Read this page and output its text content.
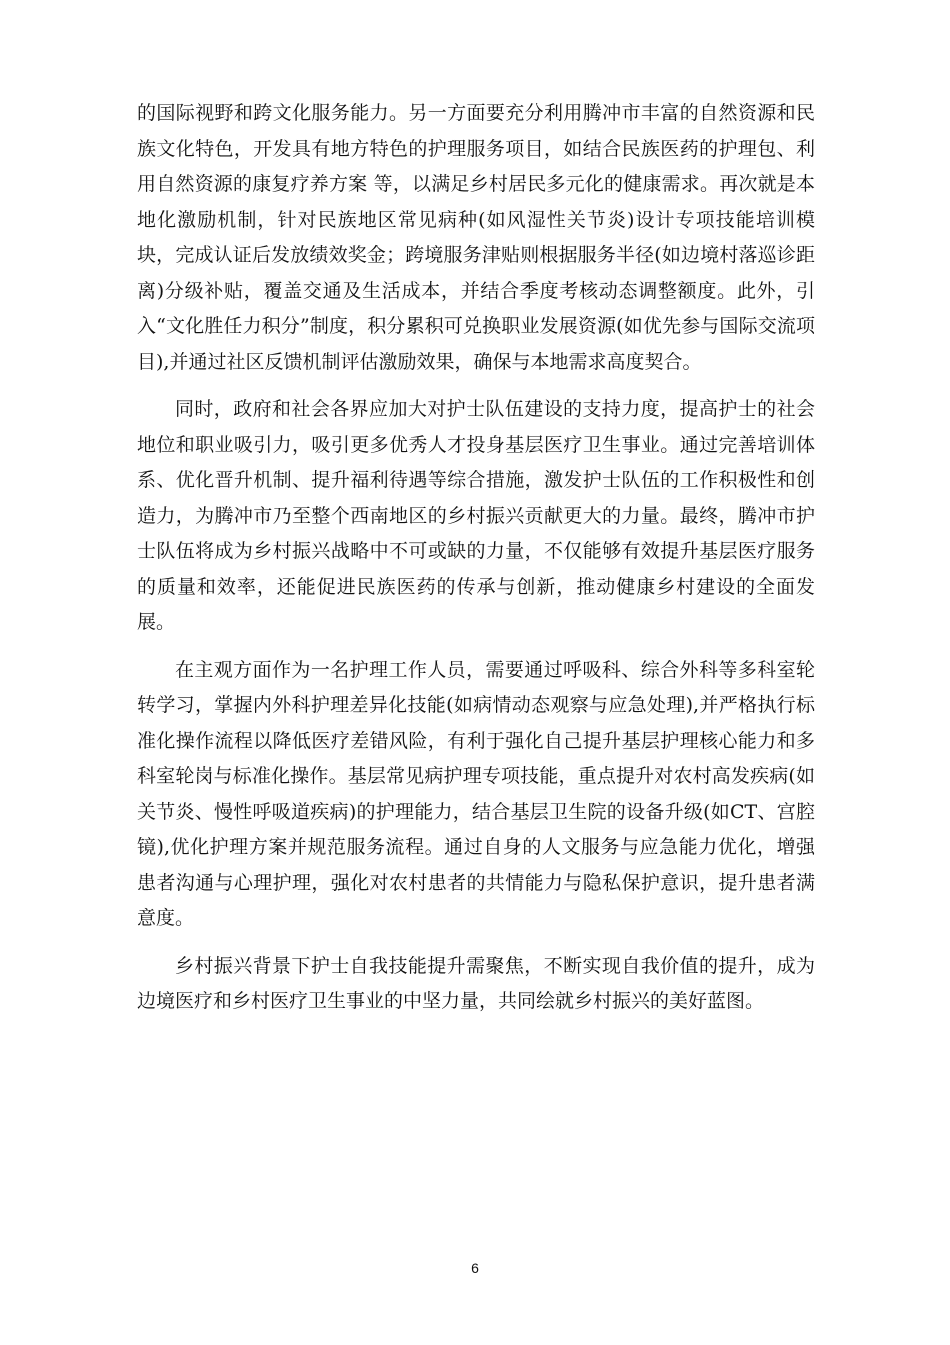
的国际视野和跨文化服务能力。另一方面要充分利用腾冲市丰富的自然资源和民族文化特色，开发具有地方特色的护理服务项目，如结合民族医药的护理包、利用自然资源的康复疗养方案 等，以满足乡村居民多元化的健康需求。再次就是本地化激励机制，针对民族地区常见病种(如风湿性关节炎)设计专项技能培训模块，完成认证后发放绩效奖金；跨境服务津贴则根据服务半径(如边境村落巡诊距离)分级补贴，覆盖交通及生活成本，并结合季度考核动态调整额度。此外，引入“文化胜任力积分”制度，积分累积可兑换职业发展资源(如优先参与国际交流项目),并通过社区反馈机制评估激励效果，确保与本地需求高度契合。

同时，政府和社会各界应加大对护士队伍建设的支持力度，提高护士的社会地位和职业吸引力，吸引更多优秀人才投身基层医疗卫生事业。通过完善培训体系、优化晋升机制、提升福利待遇等综合措施，激发护士队伍的工作积极性和创造力，为腾冲市乃至整个西南地区的乡村振兴贡献更大的力量。最终，腾冲市护士队伍将成为乡村振兴战略中不可或缺的力量，不仅能够有效提升基层医疗服务的质量和效率，还能促进民族医药的传承与创新，推动健康乡村建设的全面发展。

在主观方面作为一名护理工作人员，需要通过呼吸科、综合外科等多科室轮转学习，掌握内外科护理差异化技能(如病情动态观察与应急处理),并严格执行标准化操作流程以降低医疗差错风险，有利于强化自己提升基层护理核心能力和多科室轮岗与标准化操作。基层常见病护理专项技能，重点提升对农村高发疾病(如关节炎、慢性呼吸道疾病)的护理能力，结合基层卫生院的设备升级(如CT、宫腔镜),优化护理方案并规范服务流程。通过自身的人文服务与应急能力优化，增强患者沟通与心理护理，强化对农村患者的共情能力与隐私保护意识，提升患者满意度。

乡村振兴背景下护士自我技能提升需聚焦，不断实现自我价值的提升，成为边境医疗和乡村医疗卫生事业的中坚力量，共同绘就乡村振兴的美好蓝图。

6
